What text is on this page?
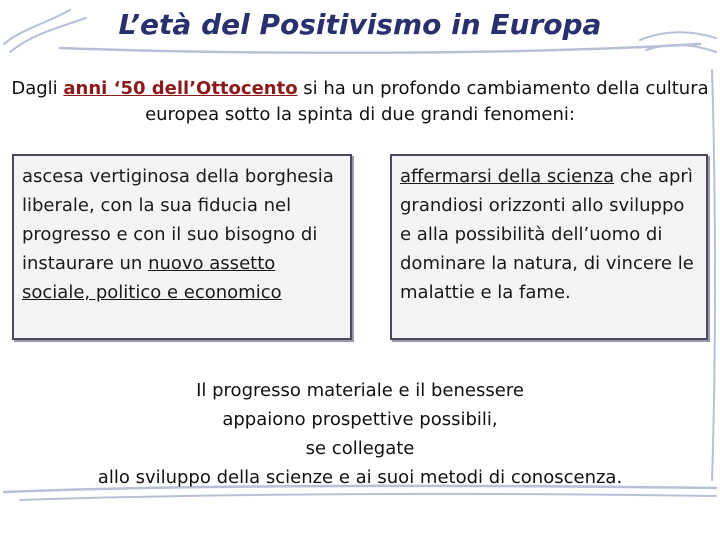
L’età del Positivismo in Europa
Dagli anni ‘50 dell’Ottocento si ha un profondo cambiamento della cultura europea sotto la spinta di due grandi fenomeni:
ascesa vertiginosa della borghesia liberale, con la sua fiducia nel progresso e con il suo bisogno di instaurare un nuovo assetto sociale, politico e economico
affermarsi della scienza che aprì grandiosi orizzonti allo sviluppo e alla possibilità dell’uomo di dominare la natura, di vincere le malattie e la fame.
Il progresso materiale e il benessere
appaiono prospettive possibili,
se collegate
allo sviluppo della scienze e ai suoi metodi di conoscenza.
